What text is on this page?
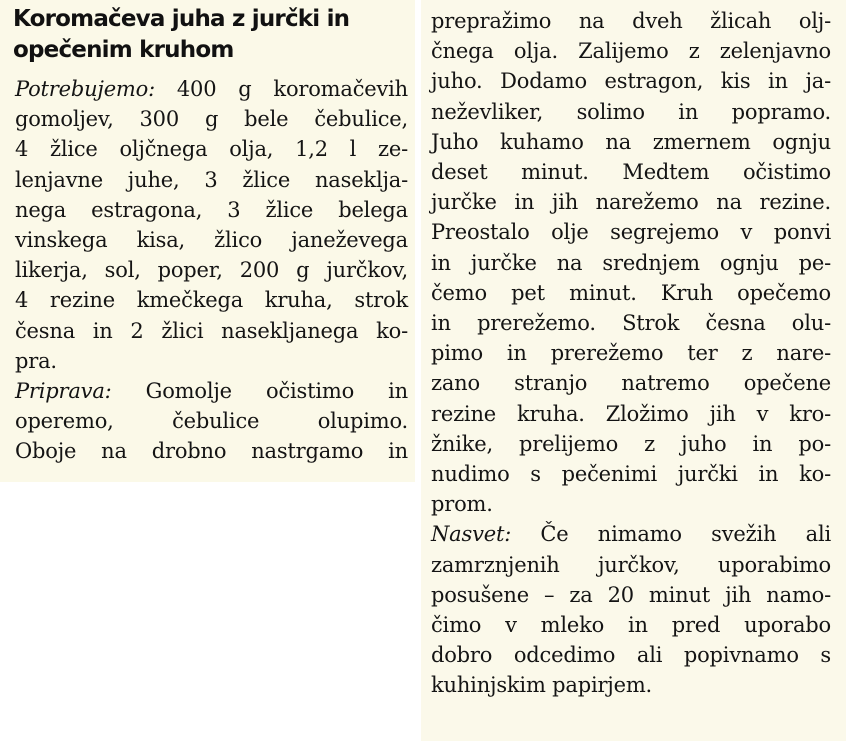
Koromačeva juha z jurčki in
opečenim kruhom

Potrebujemo: 400 g koromačevih
gomoljev, 300 g bele čebulice,
4 žlice oljčnega olja, 1,2 l ze-
lenjavne juhe, 3 žlice nasekljа-
nega estragona, 3 žlice belega
vinskega kisa, žlico janeževega
likerja, sol, poper, 200 g jurčkov,
4 rezine kmečkega kruha, strok
česna in 2 žlici nasekljanega ko-
pra.

Priprava: Gomolje očistimo in
operemo, čebulice olupimo.
Oboje na drobno nastrgamo in

prepražimo na dveh žlicah olj-
čnega olja. Zalijemo z zelenjavno
juho. Dodamo estragon, kis in ja-
neževliker, solimo in popramo.
Juho kuhamo na zmernem ognju
deset minut. Medtem očistimo
jurčke in jih narežemo na rezine.
Preostalo olje segrejemo v ponvi
in jurčke na srednjem ognju pe-
čemo pet minut. Kruh opečemo
in prerežemo. Strok česna olu-
pimo in prerežemo ter z nare-
zano stranjo natremo opečene
rezine kruha. Zložimo jih v kro-
žnike, prelijemo z juho in po-
nudimo s pečenimi jurčki in ko-
prom.

Nasvet: Če nimamo svežih ali
zamrznjenih jurčkov, uporabimo
posušene – za 20 minut jih namo-
čimo v mleko in pred uporabo
dobro odcedimo ali popivnamo s
kuhinjskim papirjem.
